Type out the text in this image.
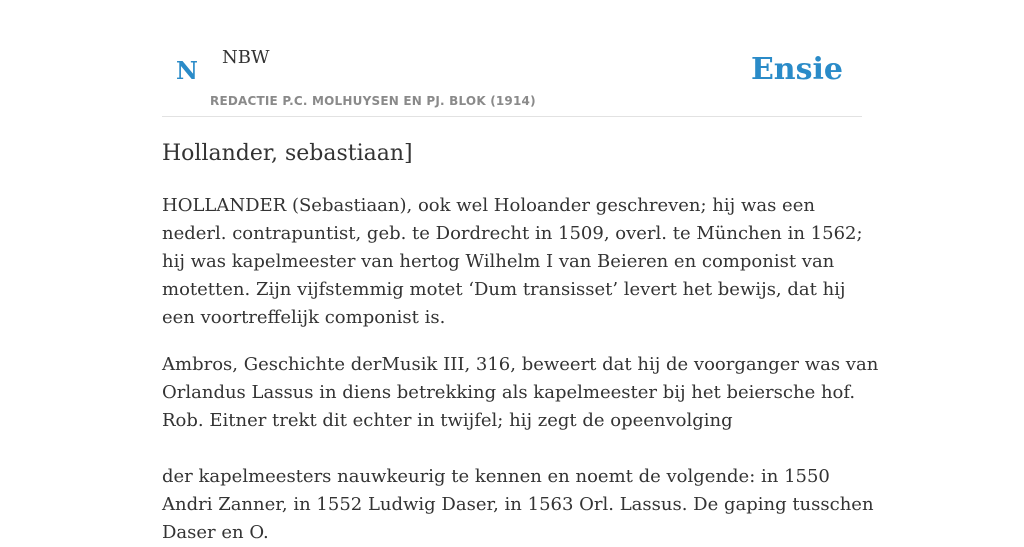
N NBW
REDACTIE P.C. MOLHUYSEN EN PJ. BLOK (1914)
Ensie
Hollander, sebastiaan]

HOLLANDER (Sebastiaan), ook wel Holoander geschreven; hij was een nederl. contrapuntist, geb. te Dordrecht in 1509, overl. te München in 1562; hij was kapelmeester van hertog Wilhelm I van Beieren en componist van motetten. Zijn vijfstemmig motet ‘Dum transisset’ levert het bewijs, dat hij een voortreffelijk componist is.

Ambros, Geschichte derMusik III, 316, beweert dat hij de voorganger was van Orlandus Lassus in diens betrekking als kapelmeester bij het beiersche hof. Rob. Eitner trekt dit echter in twijfel; hij zegt de opeenvolging

der kapelmeesters nauwkeurig te kennen en noemt de volgende: in 1550 Andri Zanner, in 1552 Ludwig Daser, in 1563 Orl. Lassus. De gaping tusschen Daser en O.
